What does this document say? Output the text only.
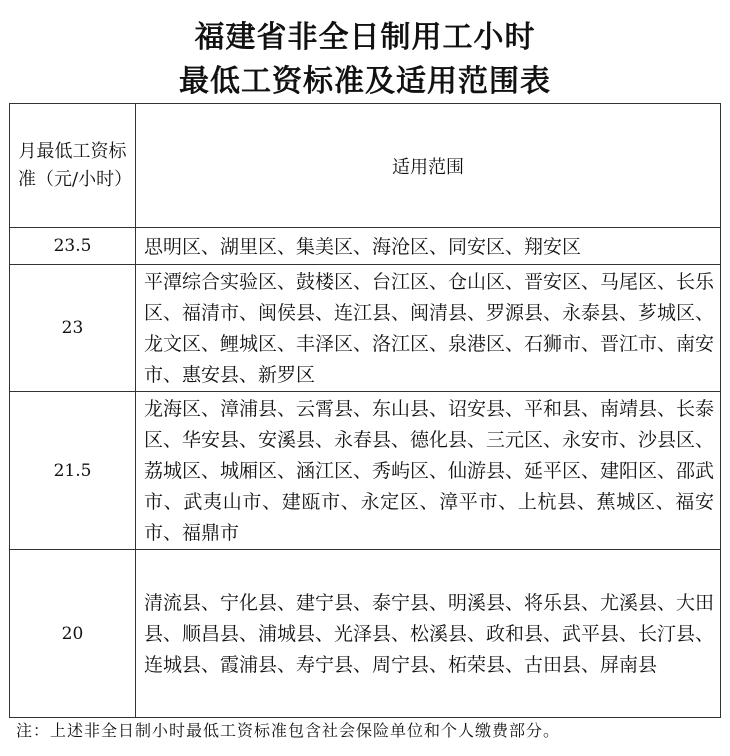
福建省非全日制用工小时
最低工资标准及适用范围表
月最低工资标准（元/小时）	适用范围
23.5	思明区、湖里区、集美区、海沧区、同安区、翔安区
23	平潭综合实验区、鼓楼区、台江区、仓山区、晋安区、马尾区、长乐区、福清市、闽侯县、连江县、闽清县、罗源县、永泰县、芗城区、龙文区、鲤城区、丰泽区、洛江区、泉港区、石狮市、晋江市、南安市、惠安县、新罗区
21.5	龙海区、漳浦县、云霄县、东山县、诏安县、平和县、南靖县、长泰区、华安县、安溪县、永春县、德化县、三元区、永安市、沙县区、荔城区、城厢区、涵江区、秀屿区、仙游县、延平区、建阳区、邵武市、武夷山市、建瓯市、永定区、漳平市、上杭县、蕉城区、福安市、福鼎市
20	清流县、宁化县、建宁县、泰宁县、明溪县、将乐县、尤溪县、大田县、顺昌县、浦城县、光泽县、松溪县、政和县、武平县、长汀县、连城县、霞浦县、寿宁县、周宁县、柘荣县、古田县、屏南县
注：上述非全日制小时最低工资标准包含社会保险单位和个人缴费部分。
